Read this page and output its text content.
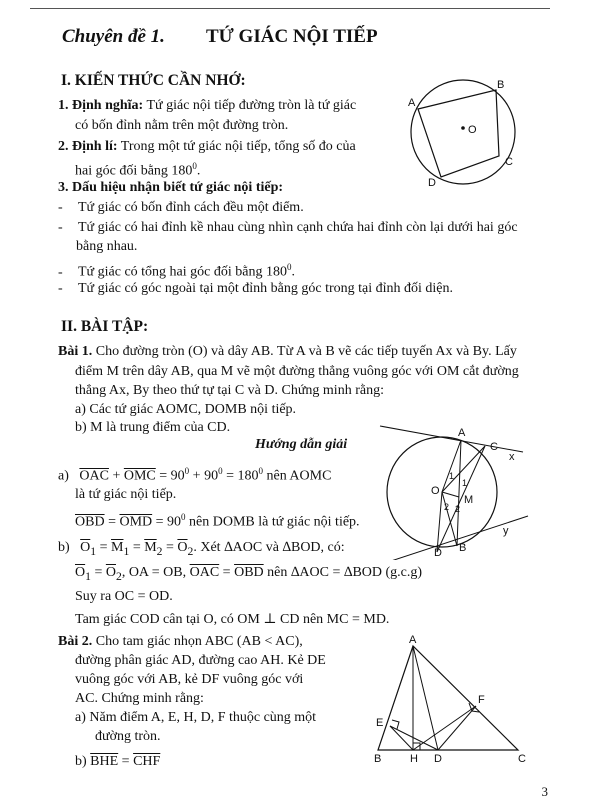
Chuyên đề 1. TỨ GIÁC NỘI TIẾP
I. KIẾN THỨC CẦN NHỚ:
1. Định nghĩa: Tứ giác nội tiếp đường tròn là tứ giác
có bốn đỉnh nằm trên một đường tròn.
2. Định lí: Trong một tứ giác nội tiếp, tổng số đo của
hai góc đối bằng $180^0$.
3. Dấu hiệu nhận biết tứ giác nội tiếp:
- Tứ giác có bốn đỉnh cách đều một điểm.
- Tứ giác có hai đỉnh kề nhau cùng nhìn cạnh chứa hai đỉnh còn lại dưới hai góc
bằng nhau.
- Tứ giác có tổng hai góc đối bằng $180^0$.
- Tứ giác có góc ngoài tại một đỉnh bằng góc trong tại đỉnh đối diện.
A
B
C
D
O
II. BÀI TẬP:
Bài 1. Cho đường tròn (O) và dây AB. Từ A và B vẽ các tiếp tuyến Ax và By. Lấy
điểm M trên dây AB, qua M vẽ một đường thẳng vuông góc với OM cắt đường
thẳng Ax, By theo thứ tự tại C và D. Chứng minh rằng:
a) Các tứ giác AOMC, DOMB nội tiếp.
b) M là trung điểm của CD.
Hướng dẫn giải
a) $\overline{OAC} + \overline{OMC} = 90^0 + 90^0 = 180^0$ nên AOMC
là tứ giác nội tiếp.
$\overline{OBD} = \overline{OMD} = 90^0$ nên DOMB là tứ giác nội tiếp.
b) $\overline{O}_1 = \overline{M}_1 = \overline{M}_2 = \overline{O}_2$. Xét ∆AOC và ∆BOD, có:
$\overline{O}_1 = \overline{O}_2$, OA = OB, $\overline{OAC} = \overline{OBD}$ nên ∆AOC = ∆BOD (g.c.g)
Suy ra OC = OD.
Tam giác COD cân tại O, có OM ⊥ CD nên MC = MD.
Bài 2. Cho tam giác nhọn ABC (AB < AC),
đường phân giác AD, đường cao AH. Kẻ DE
vuông góc với AB, kẻ DF vuông góc với
AC. Chứng minh rằng:
a) Năm điểm A, E, H, D, F thuộc cùng một
đường tròn.
b) $\overline{BHE} = \overline{CHF}$
A
C
x
O
M
B
D
y
1
1
2 2
A
E
F
B	H D	C
3
